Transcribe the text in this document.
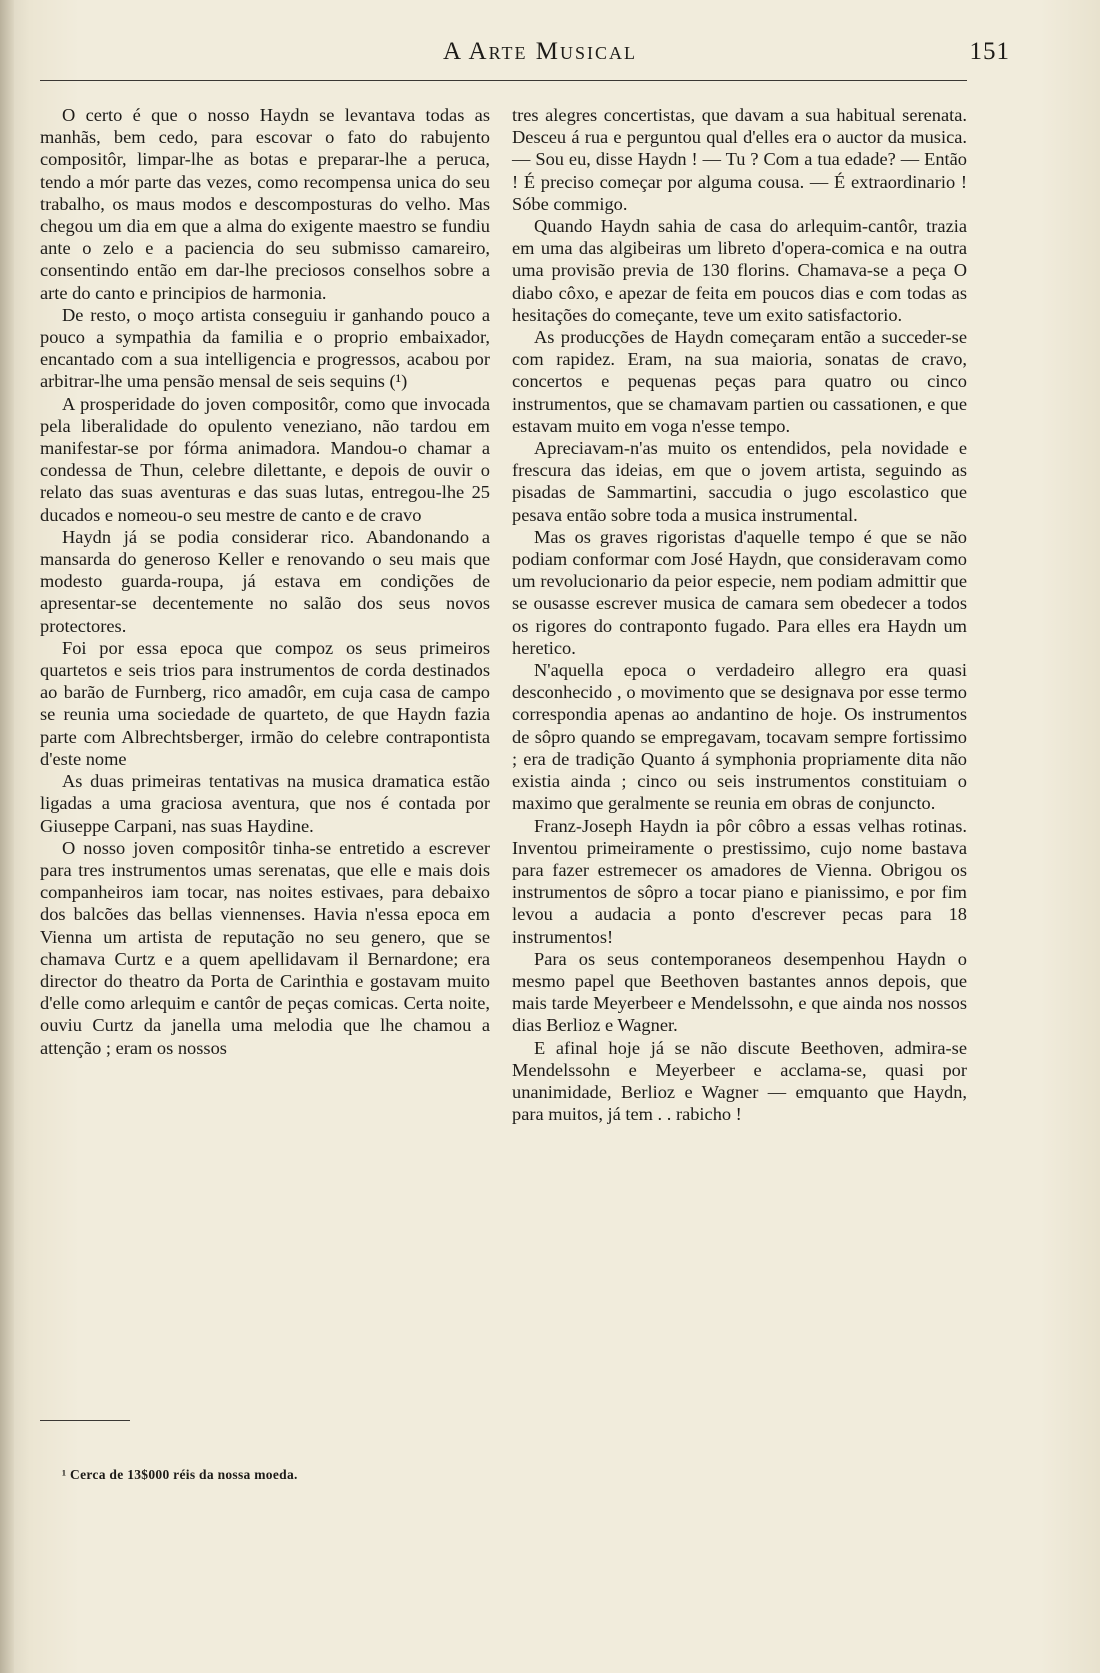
A Arte Musical	151

O certo é que o nosso Haydn se levantava todas as manhãs, bem cedo, para escovar o fato do rabujento compositôr, limpar-lhe as botas e preparar-lhe a peruca, tendo a mór parte das vezes, como recompensa unica do seu trabalho, os maus modos e descomposturas do velho. Mas chegou um dia em que a alma do exigente maestro se fundiu ante o zelo e a paciencia do seu submisso camareiro, consentindo então em dar-lhe preciosos conselhos sobre a arte do canto e principios de harmonia.

De resto, o moço artista conseguiu ir ganhando pouco a pouco a sympathia da familia e o proprio embaixador, encantado com a sua intelligencia e progressos, acabou por arbitrar-lhe uma pensão mensal de seis sequins (¹)

A prosperidade do joven compositôr, como que invocada pela liberalidade do opulento veneziano, não tardou em manifestar-se por fórma animadora. Mandou-o chamar a condessa de Thun, celebre dilettante, e depois de ouvir o relato das suas aventuras e das suas lutas, entregou-lhe 25 ducados e nomeou-o seu mestre de canto e de cravo

Haydn já se podia considerar rico. Abandonando a mansarda do generoso Keller e renovando o seu mais que modesto guarda-roupa, já estava em condições de apresentar-se decentemente no salão dos seus novos protectores.

Foi por essa epoca que compoz os seus primeiros quartetos e seis trios para instrumentos de corda destinados ao barão de Furnberg, rico amadôr, em cuja casa de campo se reunia uma sociedade de quarteto, de que Haydn fazia parte com Albrechtsberger, irmão do celebre contrapontista d'este nome

As duas primeiras tentativas na musica dramatica estão ligadas a uma graciosa aventura, que nos é contada por Giuseppe Carpani, nas suas Haydine.

O nosso joven compositôr tinha-se entretido a escrever para tres instrumentos umas serenatas, que elle e mais dois companheiros iam tocar, nas noites estivaes, para debaixo dos balcões das bellas viennenses. Havia n'essa epoca em Vienna um artista de reputação no seu genero, que se chamava Curtz e a quem apellidavam il Bernardone; era director do theatro da Porta de Carinthia e gostavam muito d'elle como arlequim e cantôr de peças comicas. Certa noite, ouviu Curtz da janella uma melodia que lhe chamou a attenção ; eram os nossos

tres alegres concertistas, que davam a sua habitual serenata. Desceu á rua e perguntou qual d'elles era o auctor da musica. — Sou eu, disse Haydn ! — Tu ? Com a tua edade? — Então ! É preciso começar por alguma cousa. — É extraordinario ! Sóbe commigo.

Quando Haydn sahia de casa do arlequim-cantôr, trazia em uma das algibeiras um libreto d'opera-comica e na outra uma provisão previa de 130 florins. Chamava-se a peça O diabo côxo, e apezar de feita em poucos dias e com todas as hesitações do começante, teve um exito satisfactorio.

As producções de Haydn começaram então a succeder-se com rapidez. Eram, na sua maioria, sonatas de cravo, concertos e pequenas peças para quatro ou cinco instrumentos, que se chamavam partien ou cassationen, e que estavam muito em voga n'esse tempo.

Apreciavam-n'as muito os entendidos, pela novidade e frescura das ideias, em que o jovem artista, seguindo as pisadas de Sammartini, saccudia o jugo escolastico que pesava então sobre toda a musica instrumental.

Mas os graves rigoristas d'aquelle tempo é que se não podiam conformar com José Haydn, que consideravam como um revolucionario da peior especie, nem podiam admittir que se ousasse escrever musica de camara sem obedecer a todos os rigores do contraponto fugado. Para elles era Haydn um heretico.

N'aquella epoca o verdadeiro allegro era quasi desconhecido , o movimento que se designava por esse termo correspondia apenas ao andantino de hoje. Os instrumentos de sôpro quando se empregavam, tocavam sempre fortissimo ; era de tradição Quanto á symphonia propriamente dita não existia ainda ; cinco ou seis instrumentos constituiam o maximo que geralmente se reunia em obras de conjuncto.

Franz-Joseph Haydn ia pôr côbro a essas velhas rotinas. Inventou primeiramente o prestissimo, cujo nome bastava para fazer estremecer os amadores de Vienna. Obrigou os instrumentos de sôpro a tocar piano e pianissimo, e por fim levou a audacia a ponto d'escrever pecas para 18 instrumentos!

Para os seus contemporaneos desempenhou Haydn o mesmo papel que Beethoven bastantes annos depois, que mais tarde Meyerbeer e Mendelssohn, e que ainda nos nossos dias Berlioz e Wagner.

E afinal hoje já se não discute Beethoven, admira-se Mendelssohn e Meyerbeer e acclama-se, quasi por unanimidade, Berlioz e Wagner — emquanto que Haydn, para muitos, já tem . . rabicho !

¹ Cerca de 13$000 réis da nossa moeda.
